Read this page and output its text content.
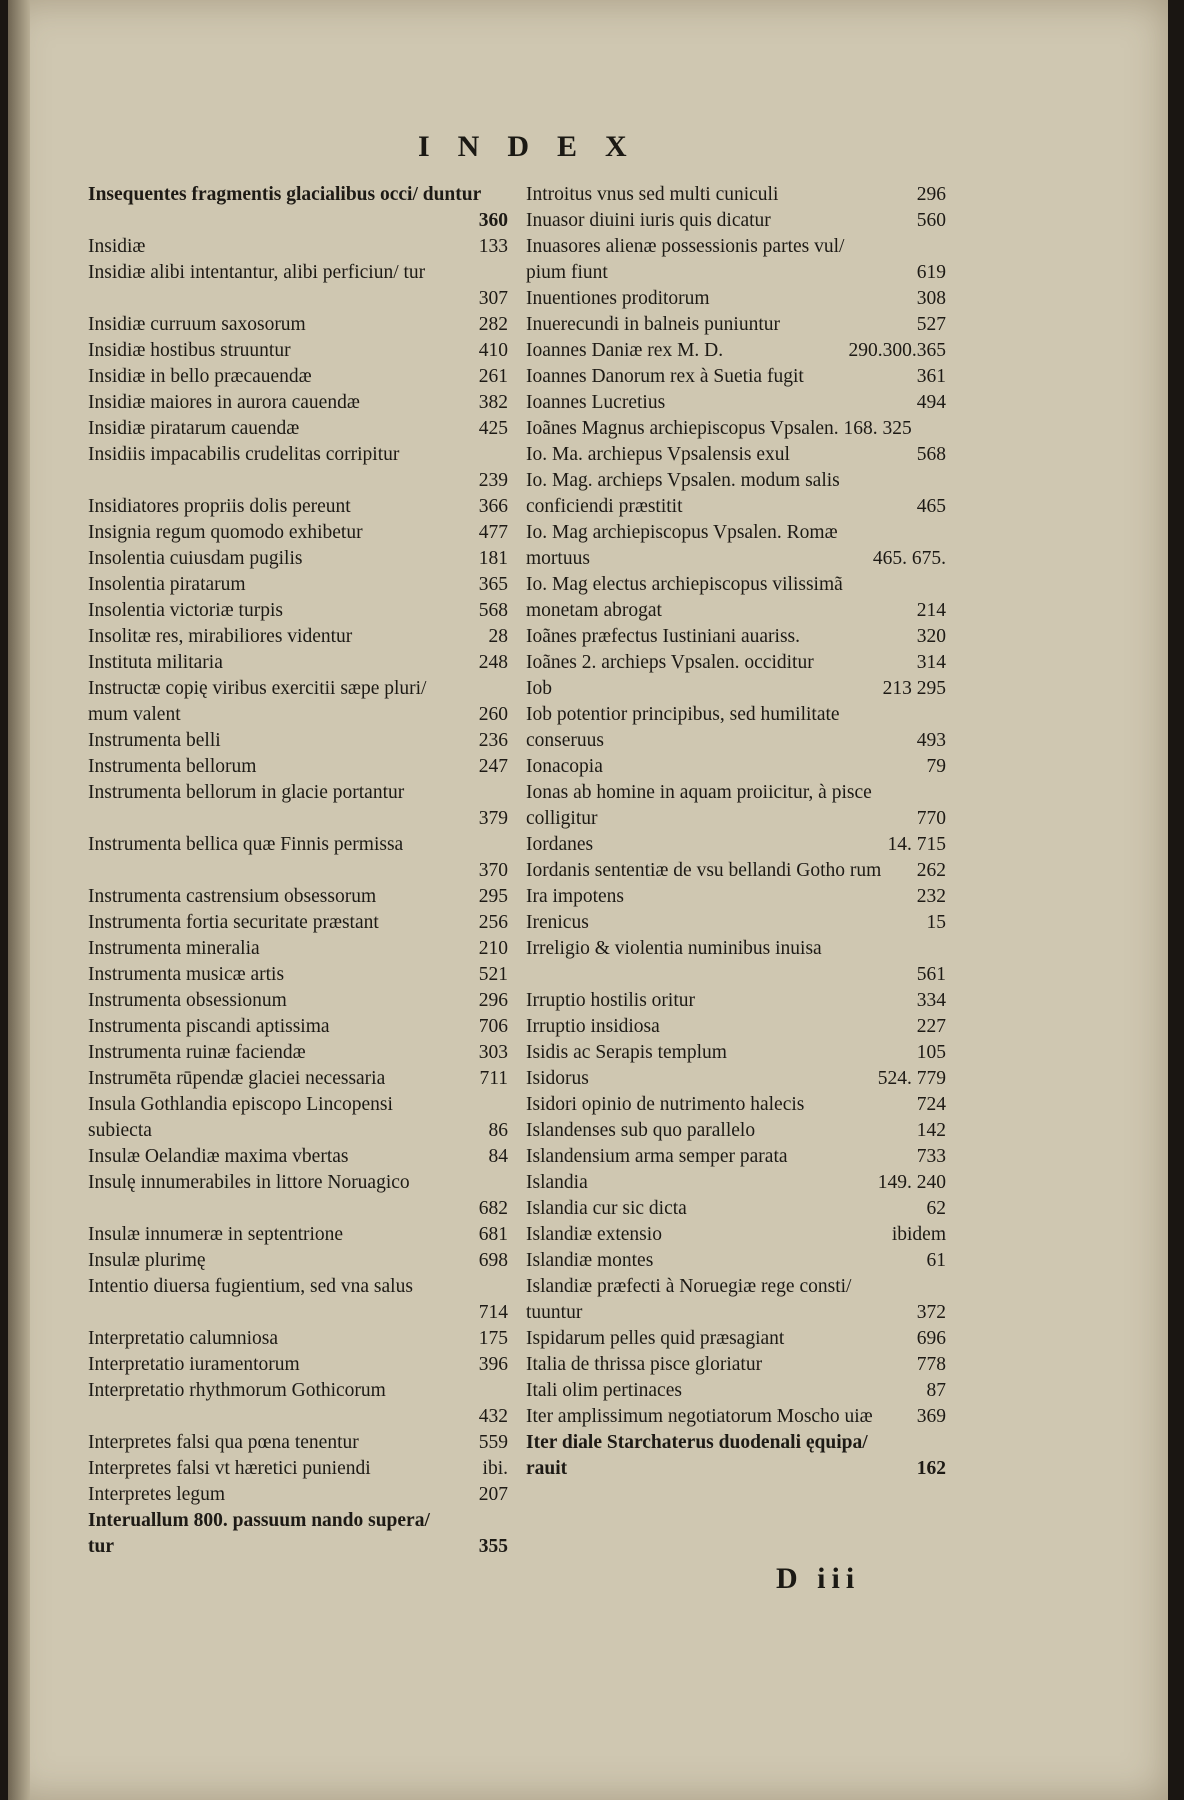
INDEX
Insequentes fragmentis glacialibus occi/ duntur
360
Insidiæ	133
Insidiæ alibi intentantur, alibi perficiun/ tur
307
Insidiæ curruum saxosorum	282
Insidiæ hostibus struuntur	410
Insidiæ in bello præcauendæ	261
Insidiæ maiores in aurora cauendæ	382
Insidiæ piratarum cauendæ	425
Insidiis impacabilis crudelitas corripitur
239
Insidiatores propriis dolis pereunt	366
Insignia regum quomodo exhibetur	477
Insolentia cuiusdam pugilis	181
Insolentia piratarum	365
Insolentia victoriæ turpis	568
Insolitæ res, mirabiliores videntur	28
Instituta militaria	248
Instructæ copię viribus exercitii sæpe pluri/ mum valent	260
Instrumenta belli	236
Instrumenta bellorum	247
Instrumenta bellorum in glacie portantur
379
Instrumenta bellica quæ Finnis permissa
370
Instrumenta castrensium obsessorum	295
Instrumenta fortia securitate præstant	256
Instrumenta mineralia	210
Instrumenta musicæ artis	521
Instrumenta obsessionum	296
Instrumenta piscandi aptissima	706
Instrumenta ruinæ faciendæ	303
Instrumēta rūpendæ glaciei necessaria	711
Insula Gothlandia episcopo Lincopensi subiecta	86
Insulæ Oelandiæ maxima vbertas	84
Insulę innumerabiles in littore Noruagico
682
Insulæ innumeræ in septentrione	681
Insulæ plurimę	698
Intentio diuersa fugientium, sed vna salus
714
Interpretatio calumniosa	175
Interpretatio iuramentorum	396
Interpretatio rhythmorum Gothicorum
432
Interpretes falsi qua pœna tenentur	559
Interpretes falsi vt hæretici puniendi	ibi.
Interpretes legum	207
Interuallum 800. passuum nando supera/ tur	355
Introitus vnus sed multi cuniculi	296
Inuasor diuini iuris quis dicatur	560
Inuasores alienæ possessionis partes vul/ pium fiunt	619
Inuentiones proditorum	308
Inuerecundi in balneis puniuntur	527
Ioannes Daniæ rex M. D.	290.300.365
Ioannes Danorum rex à Suetia fugit	361
Ioannes Lucretius	494
Ioãnes Magnus archiepiscopus Vpsalen. 168. 325
Io. Ma. archiepus Vpsalensis exul	568
Io. Mag. archieps Vpsalen. modum salis conficiendi præstitit	465
Io. Mag archiepiscopus Vpsalen. Romæ mortuus	465. 675.
Io. Mag electus archiepiscopus vilissimã monetam abrogat	214
Ioãnes præfectus Iustiniani auariss.	320
Ioãnes 2. archieps Vpsalen. occiditur	314
Iob	213 295
Iob potentior principibus, sed humilitate conseruus	493
Ionacopia	79
Ionas ab homine in aquam proiicitur, à pisce colligitur	770
Iordanes	14. 715
Iordanis sententiæ de vsu bellandi Gotho rum	262
Ira impotens	232
Irenicus	15
Irreligio & violentia numinibus inuisa
561
Irruptio hostilis oritur	334
Irruptio insidiosa	227
Isidis ac Serapis templum	105
Isidorus	524. 779
Isidori opinio de nutrimento halecis	724
Islandenses sub quo parallelo	142
Islandensium arma semper parata	733
Islandia	149. 240
Islandia cur sic dicta	62
Islandiæ extensio	ibidem
Islandiæ montes	61
Islandiæ præfecti à Noruegiæ rege consti/ tuuntur	372
Ispidarum pelles quid præsagiant	696
Italia de thrissa pisce gloriatur	778
Itali olim pertinaces	87
Iter amplissimum negotiatorum Moscho uiæ	369
Iter diale Starchaterus duodenali ęquipa/ rauit	162
D iii
